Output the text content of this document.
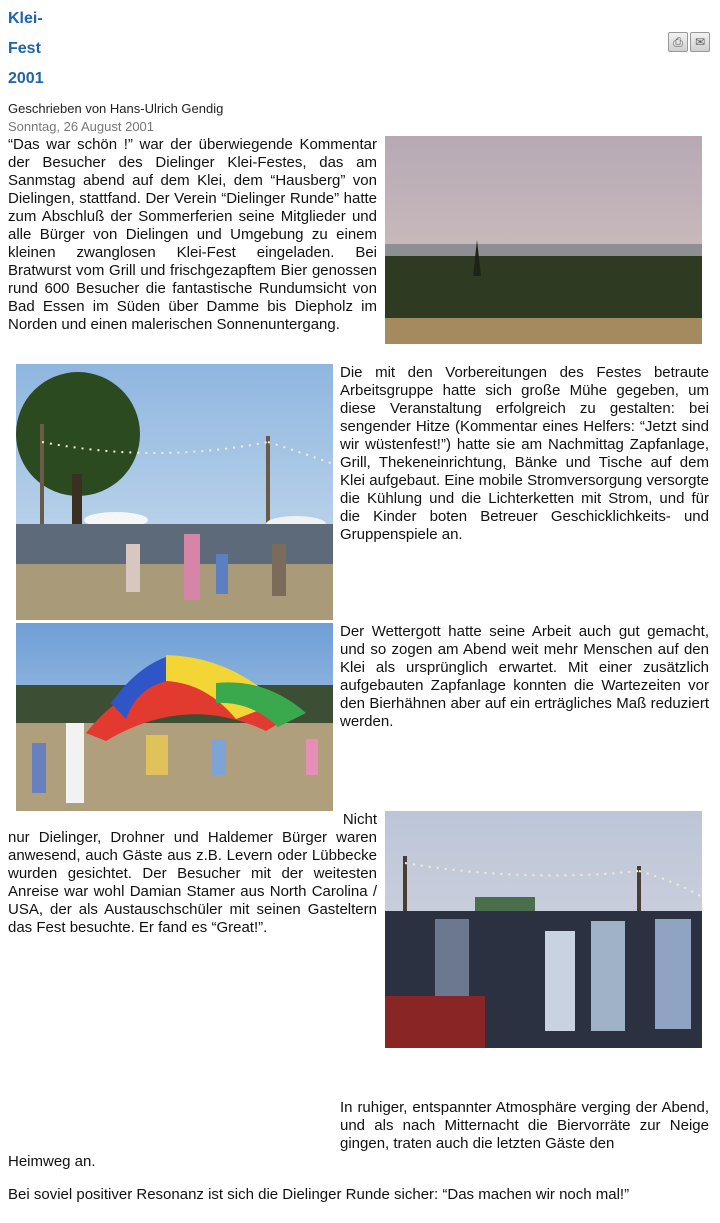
Klei-
Fest
2001
⎙	✉
Geschrieben von Hans-Ulrich Gendig
Sonntag, 26 August 2001
“Das war schön !” war der überwiegende Kommentar der Besucher des Dielinger Klei-Festes, das am Sanmstag abend auf dem Klei, dem “Hausberg” von Dielingen, stattfand. Der Verein “Dielinger Runde” hatte zum Abschluß der Sommerferien seine Mitglieder und alle Bürger von Dielingen und Umgebung zu einem kleinen zwanglosen Klei-Fest eingeladen. Bei Bratwurst vom Grill und frischgezapftem Bier genossen rund 600 Besucher die fantastische Rundumsicht von Bad Essen im Süden über Damme bis Diepholz im Norden und einen malerischen Sonnenuntergang.
Die mit den Vorbereitungen des Festes betraute Arbeitsgruppe hatte sich große Mühe gegeben, um diese Veranstaltung erfolgreich zu gestalten: bei sengender Hitze (Kommentar eines Helfers: “Jetzt sind wir wüstenfest!”) hatte sie am Nachmittag Zapfanlage, Grill, Thekeneinrichtung, Bänke und Tische auf dem Klei aufgebaut. Eine mobile Stromversorgung versorgte die Kühlung und die Lichterketten mit Strom, und für die Kinder boten Betreuer Geschicklichkeits- und Gruppenspiele an.
Der Wettergott hatte seine Arbeit auch gut gemacht, und so zogen am Abend weit mehr Menschen auf den Klei als ursprünglich erwartet. Mit einer zusätzlich aufgebauten Zapfanlage konnten die Wartezeiten vor den Bierhähnen aber auf ein erträgliches Maß reduziert werden.
Nicht
nur Dielinger, Drohner und Haldemer Bürger waren anwesend, auch Gäste aus z.B. Levern oder Lübbecke wurden gesichtet. Der Besucher mit der weitesten Anreise war wohl Damian Stamer aus North Carolina / USA, der als Austauschschüler mit seinen Gasteltern das Fest besuchte. Er fand es “Great!”.
In ruhiger, entspannter Atmosphäre verging der Abend, und als nach Mitternacht die Biervorräte zur Neige gingen, traten auch die letzten Gäste den
Heimweg an.
Bei soviel positiver Resonanz ist sich die Dielinger Runde sicher: “Das machen wir noch mal!”
